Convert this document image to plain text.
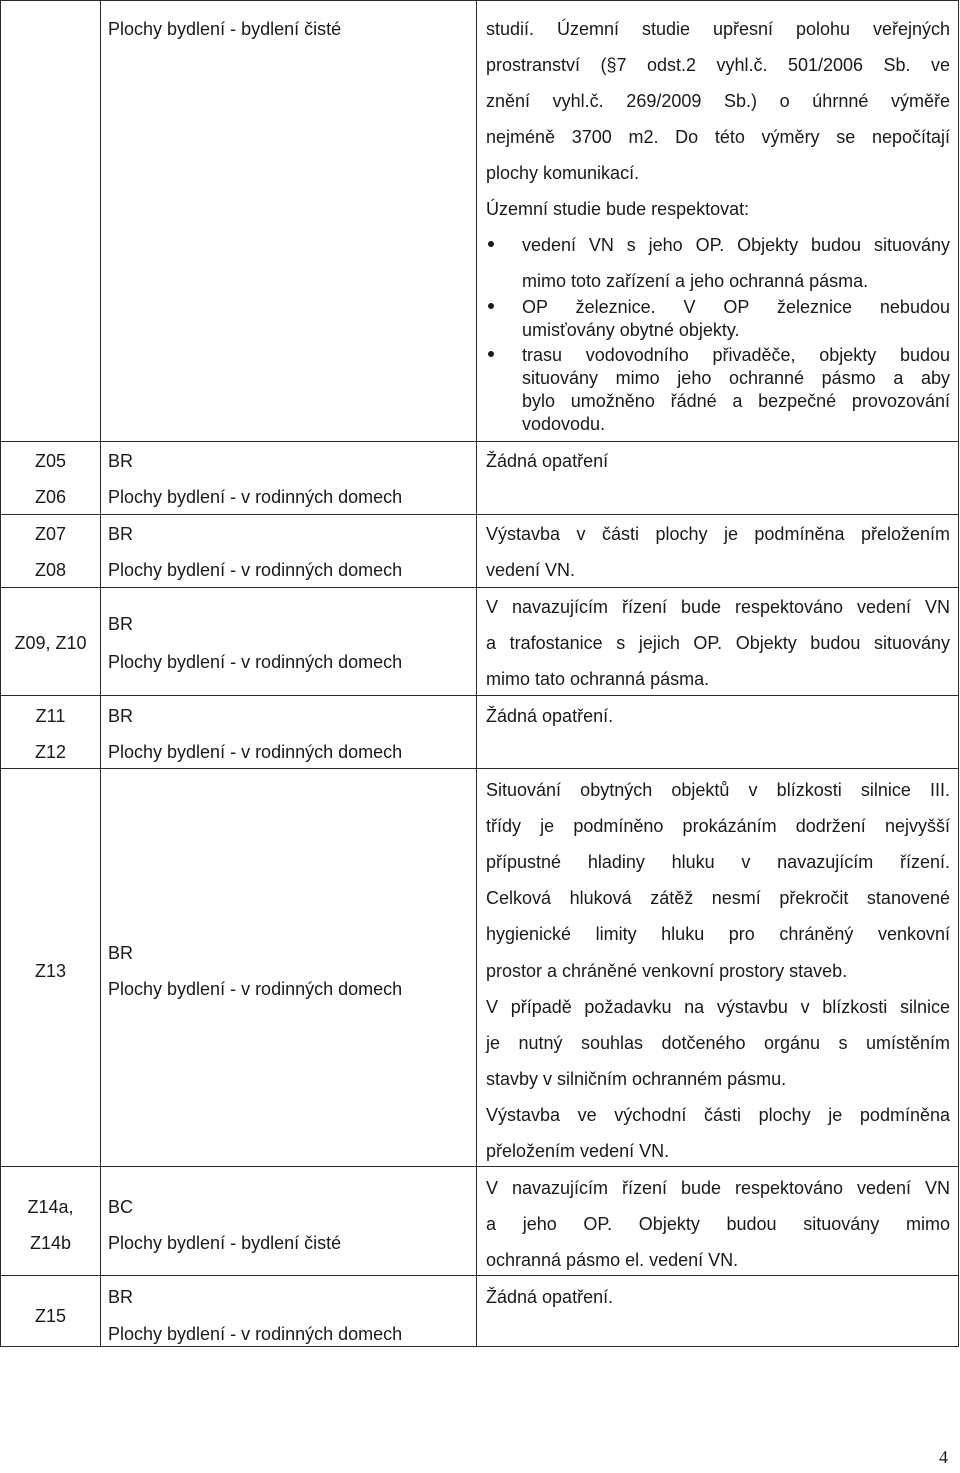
Plochy bydlení - bydlení čisté	studií. Územní studie upřesní polohu veřejných
prostranství (§7 odst.2 vyhl.č. 501/2006 Sb. ve
znění vyhl.č. 269/2009 Sb.) o úhrnné výměře
nejméně 3700 m2. Do této výměry se nepočítají
plochy komunikací.
Územní studie bude respektovat:
vedení VN s jeho OP. Objekty budou situovány
mimo toto zařízení a jeho ochranná pásma.
OP železnice. V OP železnice nebudou
umisťovány obytné objekty.
trasu vodovodního přivaděče, objekty budou
situovány mimo jeho ochranné pásmo a aby
bylo umožněno řádné a bezpečné provozování
vodovodu.
Z05
Z06
BR
Plochy bydlení - v rodinných domech
Žádná opatření
Z07
Z08
BR
Plochy bydlení - v rodinných domech
Výstavba v části plochy je podmíněna přeložením
vedení VN.
Z09, Z10
BR
Plochy bydlení - v rodinných domech
V navazujícím řízení bude respektováno vedení VN
a trafostanice s jejich OP. Objekty budou situovány
mimo tato ochranná pásma.
Z11
Z12
BR
Plochy bydlení - v rodinných domech
Žádná opatření.
Z13
BR
Plochy bydlení - v rodinných domech
Situování obytných objektů v blízkosti silnice III.
třídy je podmíněno prokázáním dodržení nejvyšší
přípustné hladiny hluku v navazujícím řízení.
Celková hluková zátěž nesmí překročit stanovené
hygienické limity hluku pro chráněný venkovní
prostor a chráněné venkovní prostory staveb.
V případě požadavku na výstavbu v blízkosti silnice
je nutný souhlas dotčeného orgánu s umístěním
stavby v silničním ochranném pásmu.
Výstavba ve východní části plochy je podmíněna
přeložením vedení VN.
Z14a,
Z14b
BC
Plochy bydlení - bydlení čisté
V navazujícím řízení bude respektováno vedení VN
a jeho OP. Objekty budou situovány mimo
ochranná pásmo el. vedení VN.
Z15
BR
Plochy bydlení - v rodinných domech
Žádná opatření.
4
